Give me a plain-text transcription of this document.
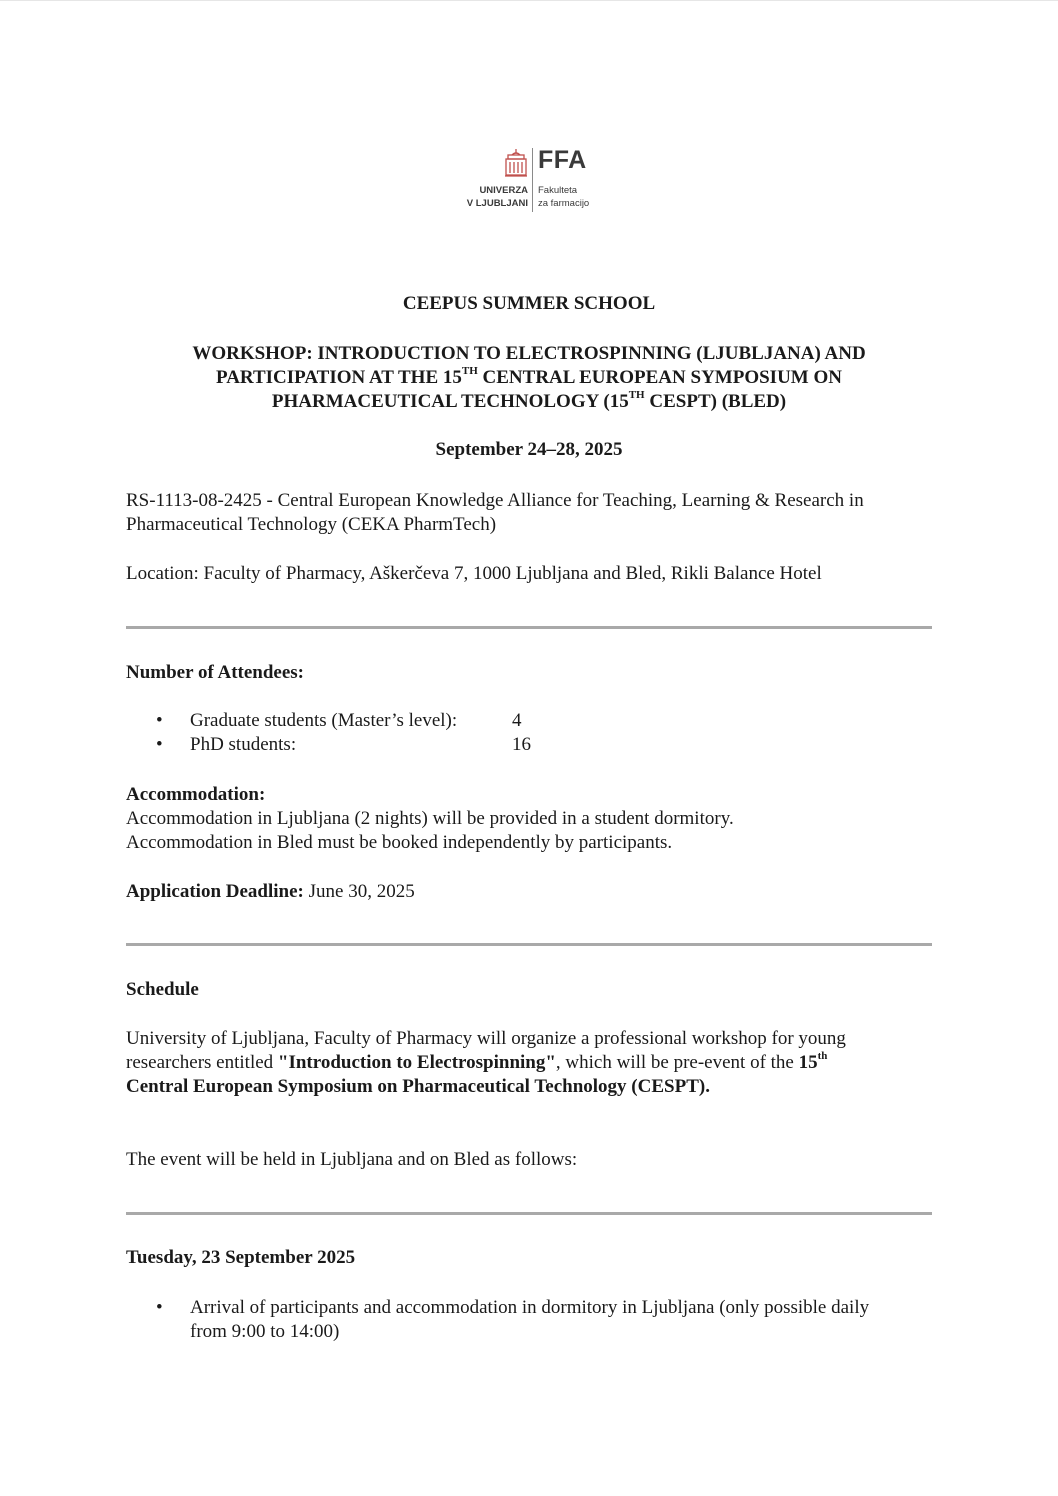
FFA
UNIVERZA
V LJUBLJANI
Fakulteta
za farmacijo
CEEPUS SUMMER SCHOOL
WORKSHOP: INTRODUCTION TO ELECTROSPINNING (LJUBLJANA) AND
PARTICIPATION AT THE 15TH CENTRAL EUROPEAN SYMPOSIUM ON
PHARMACEUTICAL TECHNOLOGY (15TH CESPT) (BLED)
September 24–28, 2025
RS-1113-08-2425 - Central European Knowledge Alliance for Teaching, Learning & Research in
Pharmaceutical Technology (CEKA PharmTech)
Location: Faculty of Pharmacy, Aškerčeva 7, 1000 Ljubljana and Bled, Rikli Balance Hotel
Number of Attendees:
• Graduate students (Master’s level):	4
• PhD students:	16
Accommodation:
Accommodation in Ljubljana (2 nights) will be provided in a student dormitory.
Accommodation in Bled must be booked independently by participants.
Application Deadline: June 30, 2025
Schedule
University of Ljubljana, Faculty of Pharmacy will organize a professional workshop for young
researchers entitled "Introduction to Electrospinning", which will be pre-event of the 15th
Central European Symposium on Pharmaceutical Technology (CESPT).
The event will be held in Ljubljana and on Bled as follows:
Tuesday, 23 September 2025
• Arrival of participants and accommodation in dormitory in Ljubljana (only possible daily
from 9:00 to 14:00)
